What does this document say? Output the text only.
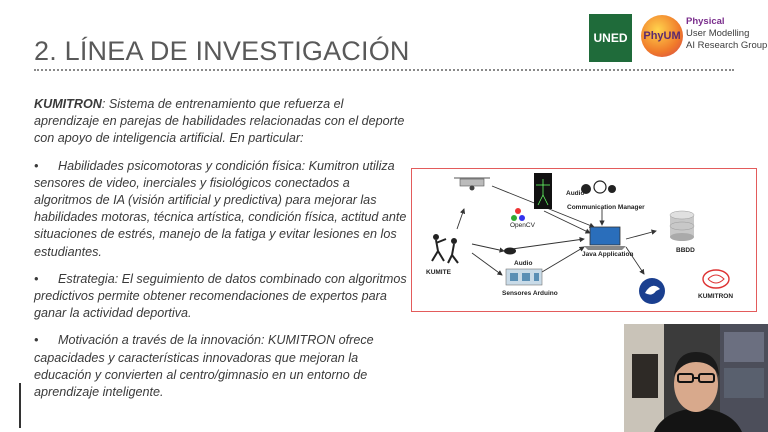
2. LÍNEA DE INVESTIGACIÓN	UNED	PhyUM
Physical
User Modelling
AI Research Group

KUMITRON: Sistema de entrenamiento que refuerza el aprendizaje en parejas de habilidades relacionadas con el deporte con apoyo de inteligencia artificial. En particular:

• Habilidades psicomotoras y condición física: Kumitron utiliza sensores de video, inerciales y fisiológicos conectados a algoritmos de IA (visión artificial y predictiva) para mejorar las habilidades motoras, técnica artística, condición física, actitud ante situaciones de estrés, manejo de la fatiga y evitar lesiones en los estudiantes.

• Estrategia: El seguimiento de datos combinado con algoritmos predictivos permite obtener recomendaciones de expertos para ganar la actividad deportiva.

• Motivación a través de la innovación: KUMITRON ofrece capacidades y características innovadoras que mejoran la educación y convierten al centro/gimnasio en un entorno de aprendizaje inteligente.

Audio
Communication Manager
OpenCV
KUMITE
Audio
Java Application
BBDD
Sensores Arduino	KUMITRON
